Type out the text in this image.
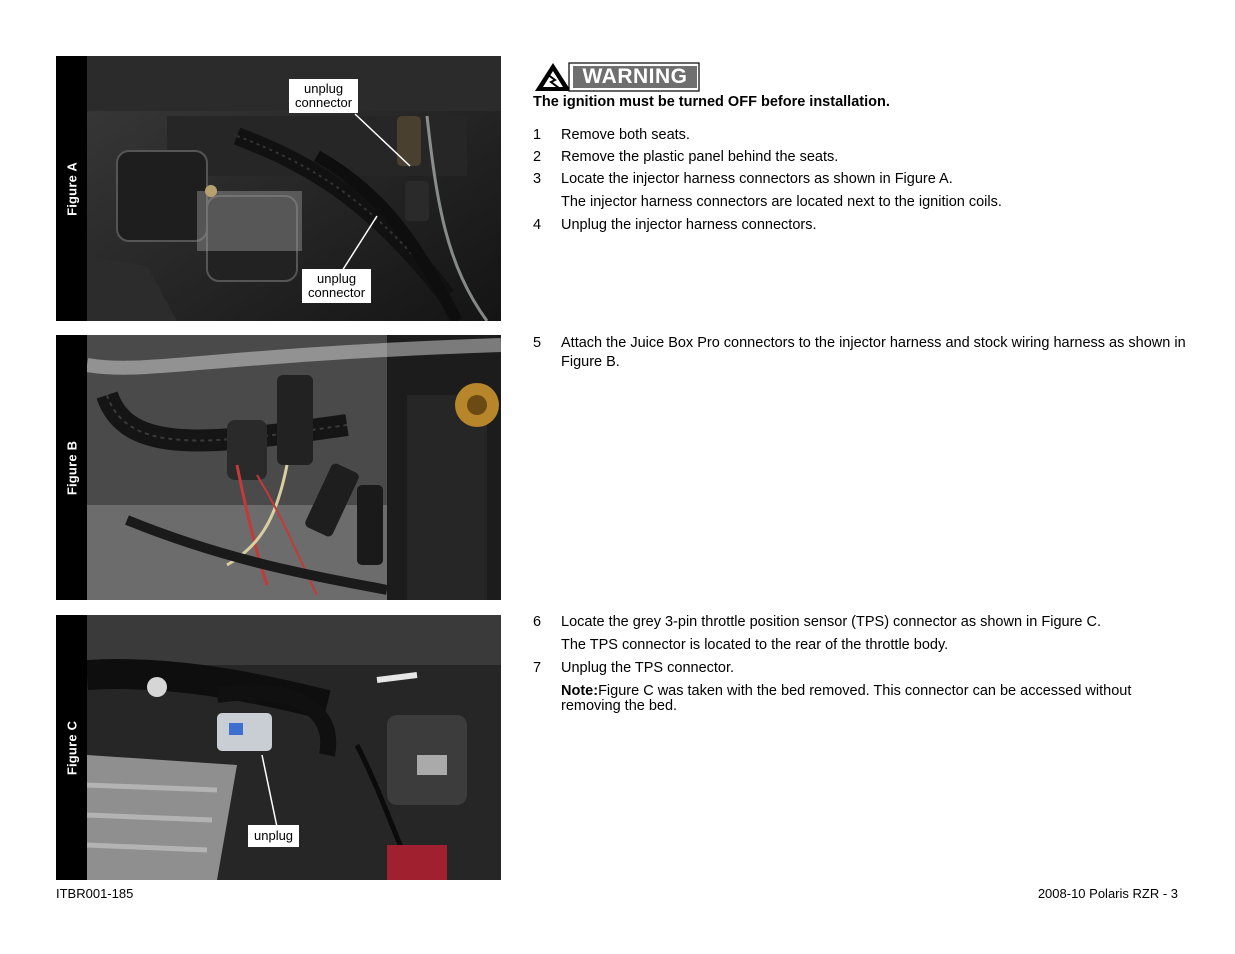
Figure A
unplug
connector
unplug
connector
Figure B
Figure C
unplug
WARNING
The ignition must be turned OFF before installation.
1 Remove both seats.
2 Remove the plastic panel behind the seats.
3 Locate the injector harness connectors as shown in Figure A.
The injector harness connectors are located next to the ignition coils.
4 Unplug the injector harness connectors.
5 Attach the Juice Box Pro connectors to the injector harness and stock wiring harness as shown in Figure B.
6 Locate the grey 3-pin throttle position sensor (TPS) connector as shown in Figure C.
The TPS connector is located to the rear of the throttle body.
7 Unplug the TPS connector.
Note:Figure C was taken with the bed removed. This connector can be accessed without removing the bed.
ITBR001-185	2008-10 Polaris RZR - 3
